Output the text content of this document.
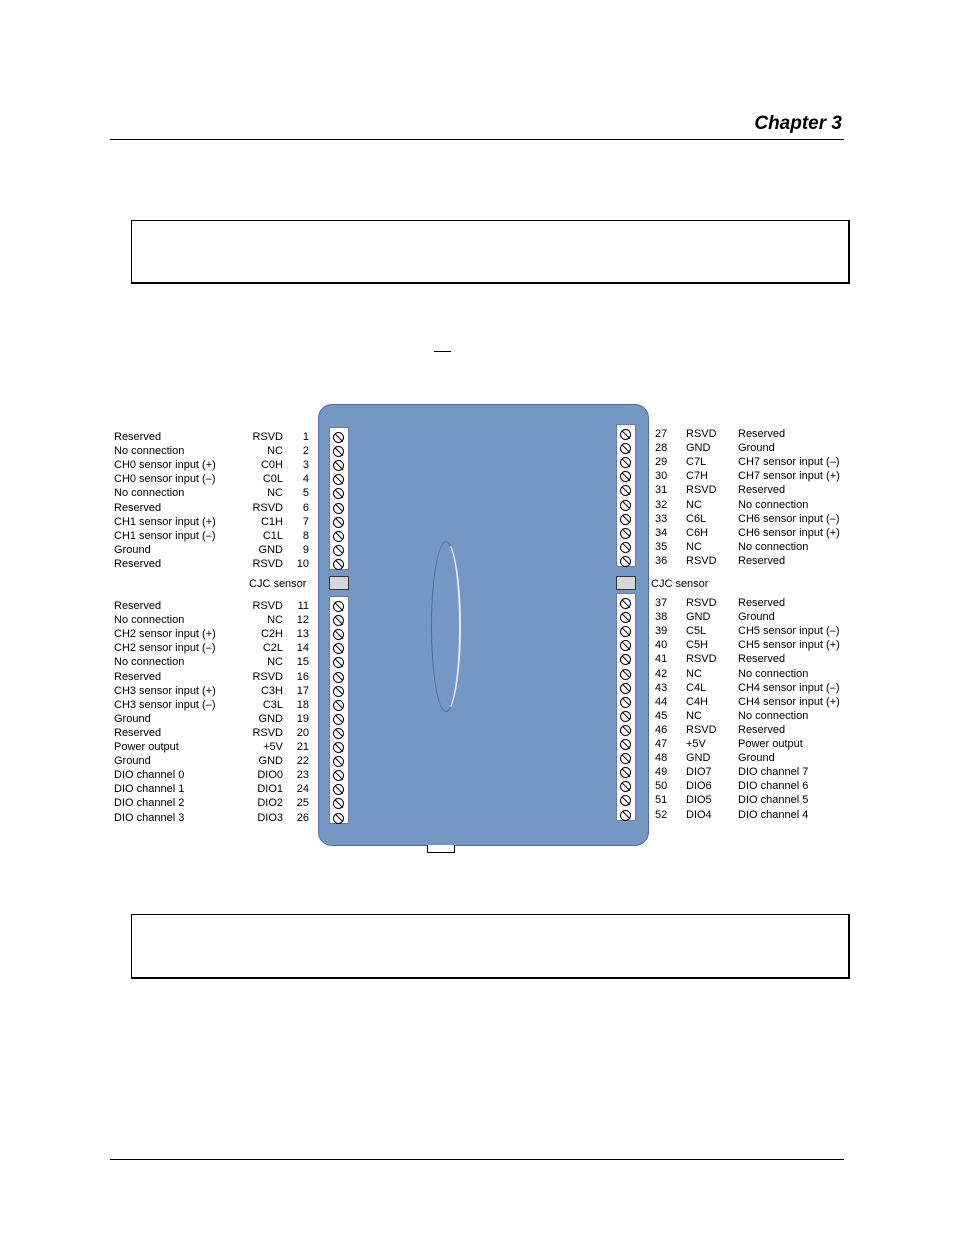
Chapter 3
Reserved	RSVD	1
No connection	NC	2
CH0 sensor input (+)	C0H	3
CH0 sensor input (–)	C0L	4
No connection	NC	5
Reserved	RSVD	6
CH1 sensor input (+)	C1H	7
CH1 sensor input (–)	C1L	8
Ground	GND	9
Reserved	RSVD	10
Reserved	RSVD	11
No connection	NC	12
CH2 sensor input (+)	C2H	13
CH2 sensor input (–)	C2L	14
No connection	NC	15
Reserved	RSVD	16
CH3 sensor input (+)	C3H	17
CH3 sensor input (–)	C3L	18
Ground	GND	19
Reserved	RSVD	20
Power output	+5V	21
Ground	GND	22
DIO channel 0	DIO0	23
DIO channel 1	DIO1	24
DIO channel 2	DIO2	25
DIO channel 3	DIO3	26
27 RSVD Reserved
28 GND	Ground
29 C7L	CH7 sensor input (–)
30 C7H	CH7 sensor input (+)
31 RSVD Reserved
32 NC	No connection
33 C6L	CH6 sensor input (–)
34 C6H	CH6 sensor input (+)
35 NC	No connection
36 RSVD Reserved
37 RSVD Reserved
38 GND	Ground
39 C5L	CH5 sensor input (–)
40 C5H	CH5 sensor input (+)
41 RSVD Reserved
42 NC	No connection
43 C4L	CH4 sensor input (–)
44 C4H	CH4 sensor input (+)
45 NC	No connection
46 RSVD Reserved
47 +5V	Power output
48 GND	Ground
49 DIO7 DIO channel 7
50 DIO6 DIO channel 6
51 DIO5 DIO channel 5
52 DIO4 DIO channel 4
CJC sensor	CJC sensor
